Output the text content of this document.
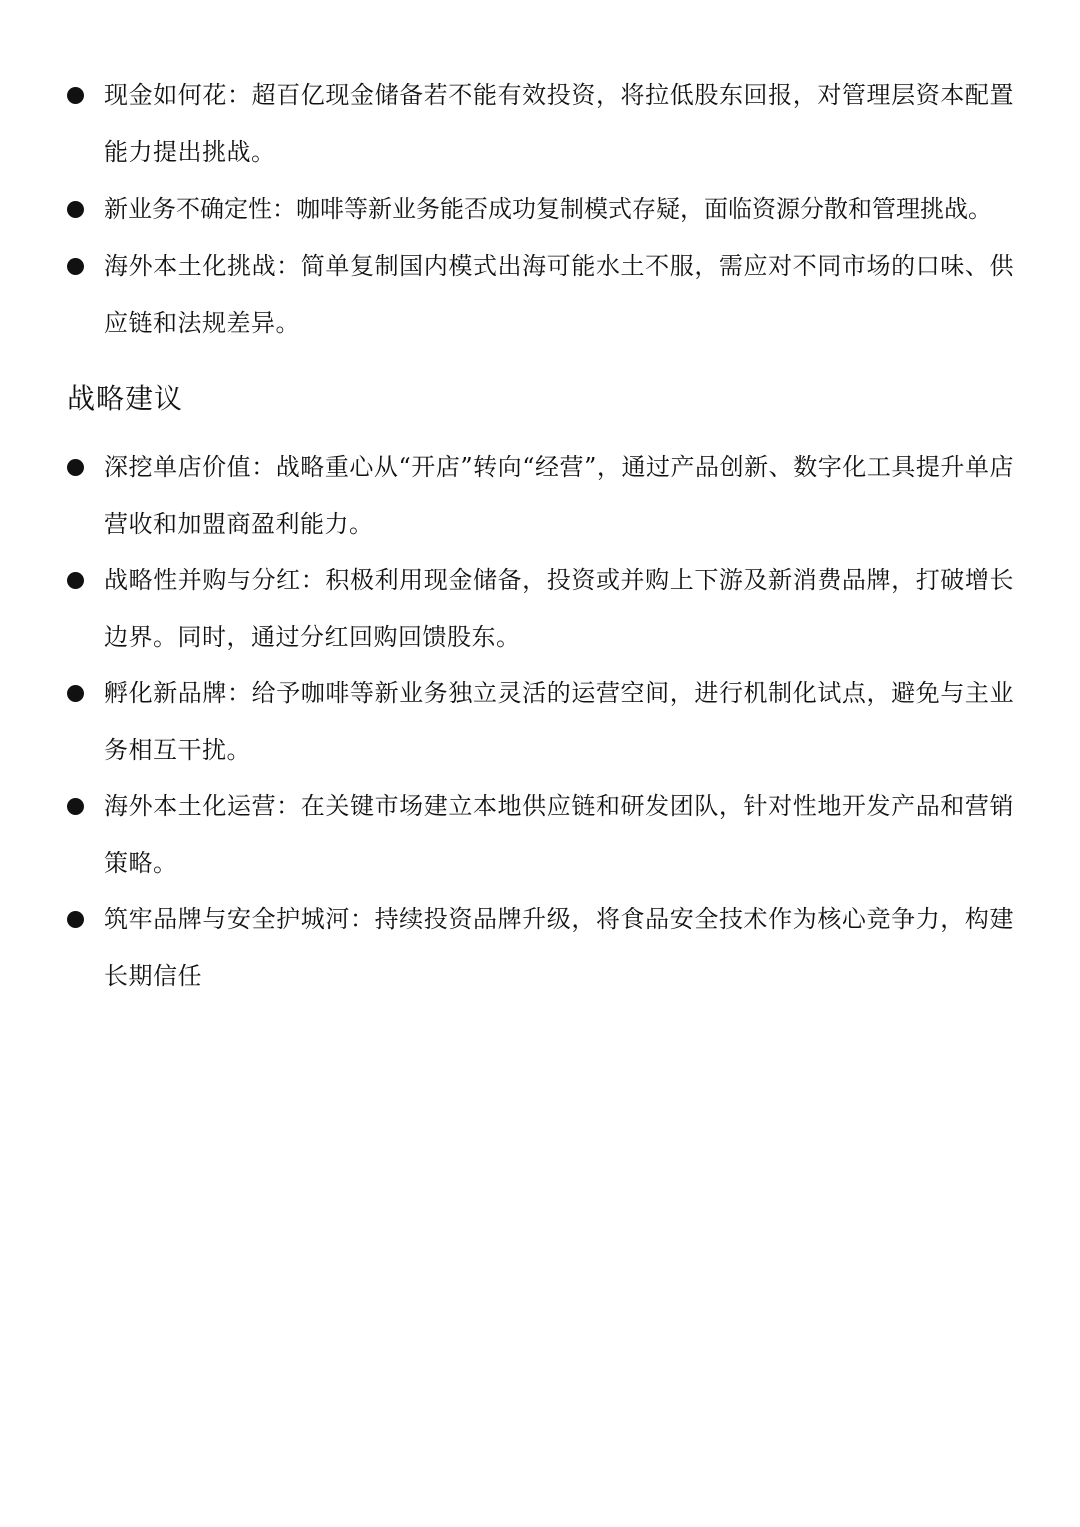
现金如何花：超百亿现金储备若不能有效投资，将拉低股东回报，对管理层资本配置能力提出挑战。
新业务不确定性：咖啡等新业务能否成功复制模式存疑，面临资源分散和管理挑战。
海外本土化挑战：简单复制国内模式出海可能水土不服，需应对不同市场的口味、供应链和法规差异。
战略建议
深挖单店价值：战略重心从“开店”转向“经营”，通过产品创新、数字化工具提升单店营收和加盟商盈利能力。
战略性并购与分红：积极利用现金储备，投资或并购上下游及新消费品牌，打破增长边界。同时，通过分红回购回馈股东。
孵化新品牌：给予咖啡等新业务独立灵活的运营空间，进行机制化试点，避免与主业务相互干扰。
海外本土化运营：在关键市场建立本地供应链和研发团队，针对性地开发产品和营销策略。
筑牢品牌与安全护城河：持续投资品牌升级，将食品安全技术作为核心竞争力，构建长期信任
